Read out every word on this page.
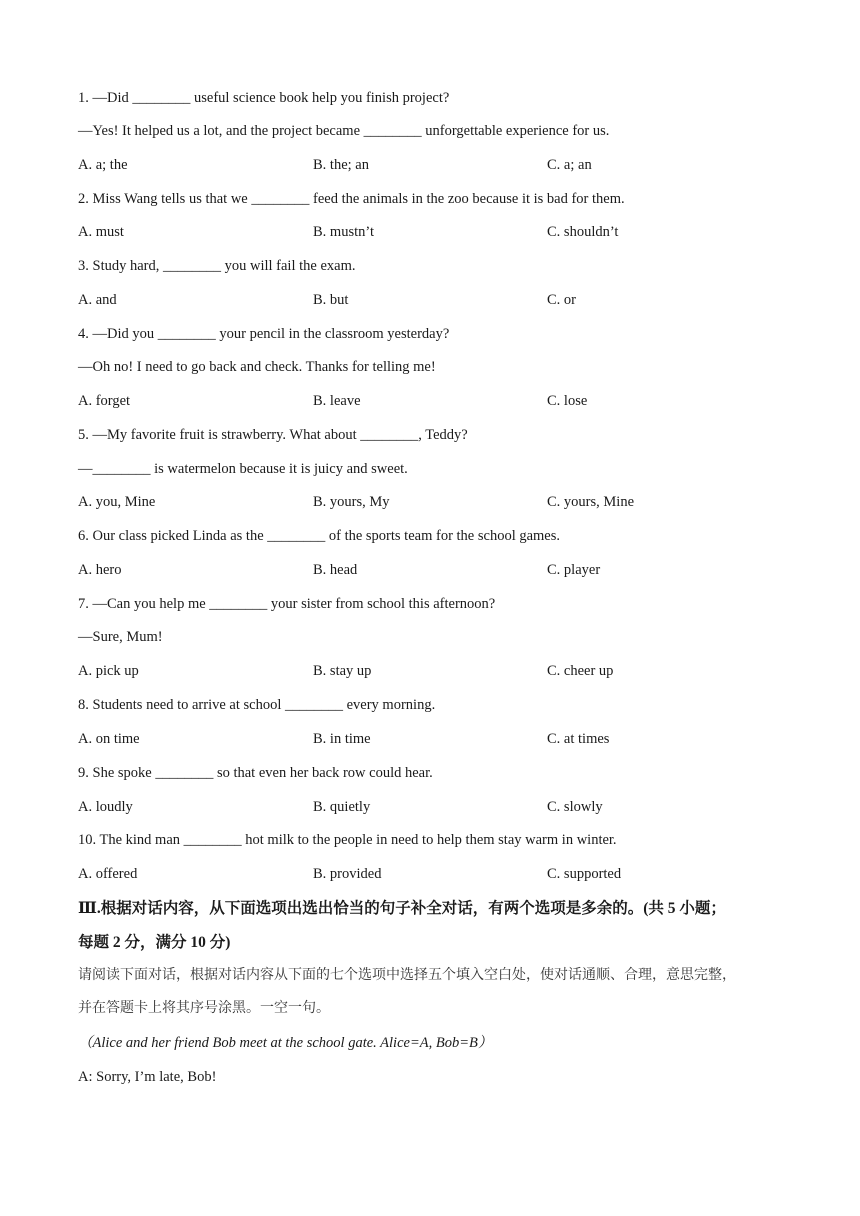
1. —Did ________ useful science book help you finish project?
—Yes! It helped us a lot, and the project became ________ unforgettable experience for us.
A. a; the	B. the; an	C. a; an
2. Miss Wang tells us that we ________ feed the animals in the zoo because it is bad for them.
A. must	B. mustn’t	C. shouldn’t
3. Study hard, ________ you will fail the exam.
A. and	B. but	C. or
4. —Did you ________ your pencil in the classroom yesterday?
—Oh no! I need to go back and check. Thanks for telling me!
A. forget	B. leave	C. lose
5. —My favorite fruit is strawberry. What about ________, Teddy?
—________ is watermelon because it is juicy and sweet.
A. you, Mine	B. yours, My	C. yours, Mine
6. Our class picked Linda as the ________ of the sports team for the school games.
A. hero	B. head	C. player
7. —Can you help me ________ your sister from school this afternoon?
—Sure, Mum!
A. pick up	B. stay up	C. cheer up
8. Students need to arrive at school ________ every morning.
A. on time	B. in time	C. at times
9. She spoke ________ so that even her back row could hear.
A. loudly	B. quietly	C. slowly
10. The kind man ________ hot milk to the people in need to help them stay warm in winter.
A. offered	B. provided	C. supported
Ⅲ.根据对话内容，从下面选项出选出恰当的句子补全对话，有两个选项是多余的。(共 5 小题；
每题 2 分，满分 10 分)
请阅读下面对话，根据对话内容从下面的七个选项中选择五个填入空白处，使对话通顺、合理，意思完整，
并在答题卡上将其序号涂黑。一空一句。
（Alice and her friend Bob meet at the school gate. Alice=A, Bob=B）
A: Sorry, I’m late, Bob!
